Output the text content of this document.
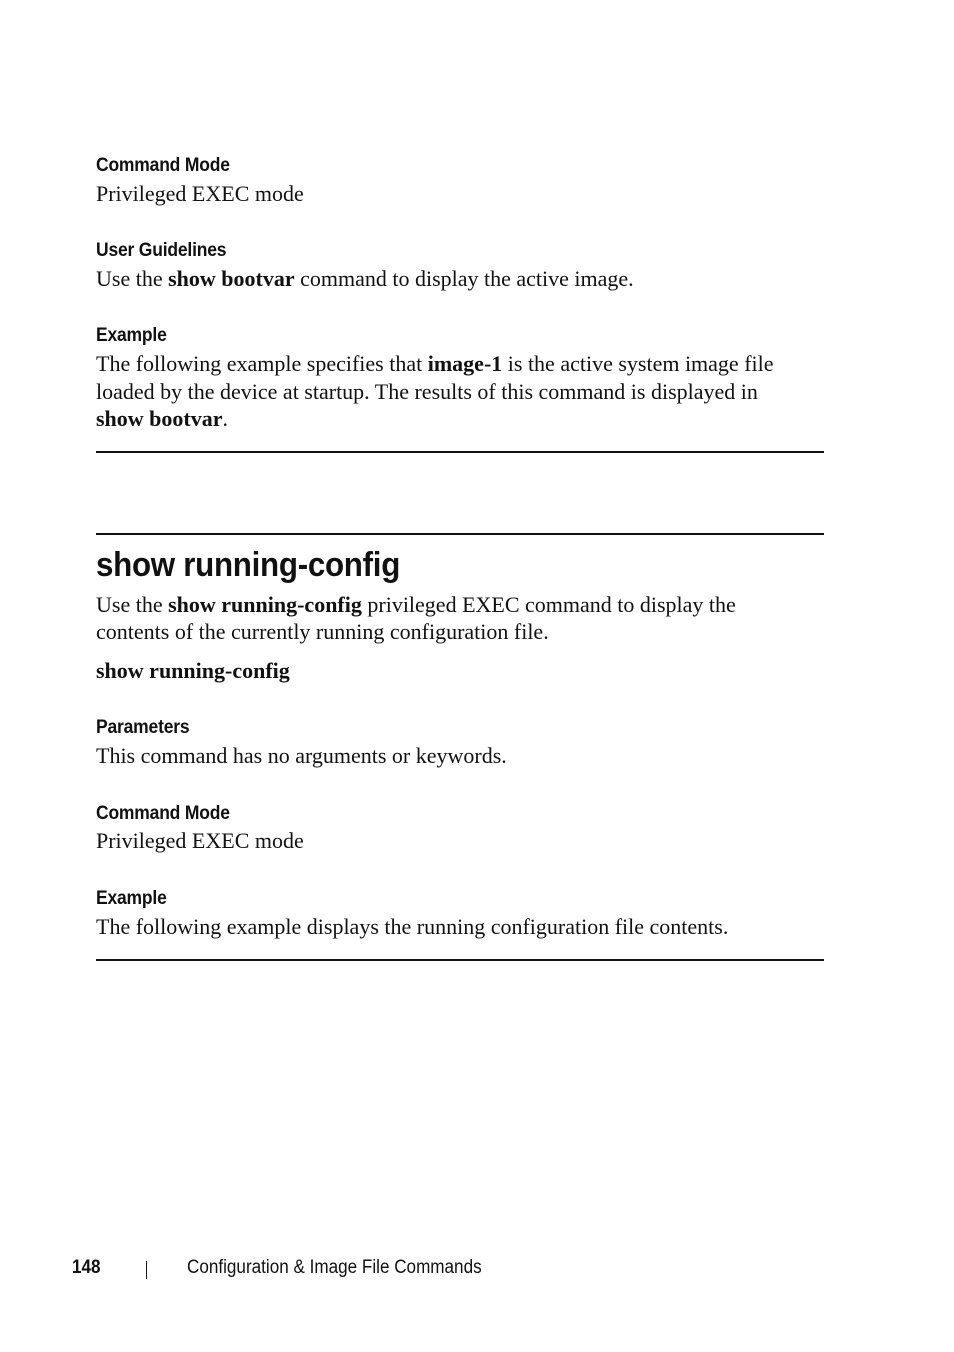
Command Mode
Privileged EXEC mode
User Guidelines
Use the show bootvar command to display the active image.
Example
The following example specifies that image-1 is the active system image file
loaded by the device at startup. The results of this command is displayed in
show bootvar.
show running-config
Use the show running-config privileged EXEC command to display the
contents of the currently running configuration file.
show running-config
Parameters
This command has no arguments or keywords.
Command Mode
Privileged EXEC mode
Example
The following example displays the running configuration file contents.
148	Configuration & Image File Commands
